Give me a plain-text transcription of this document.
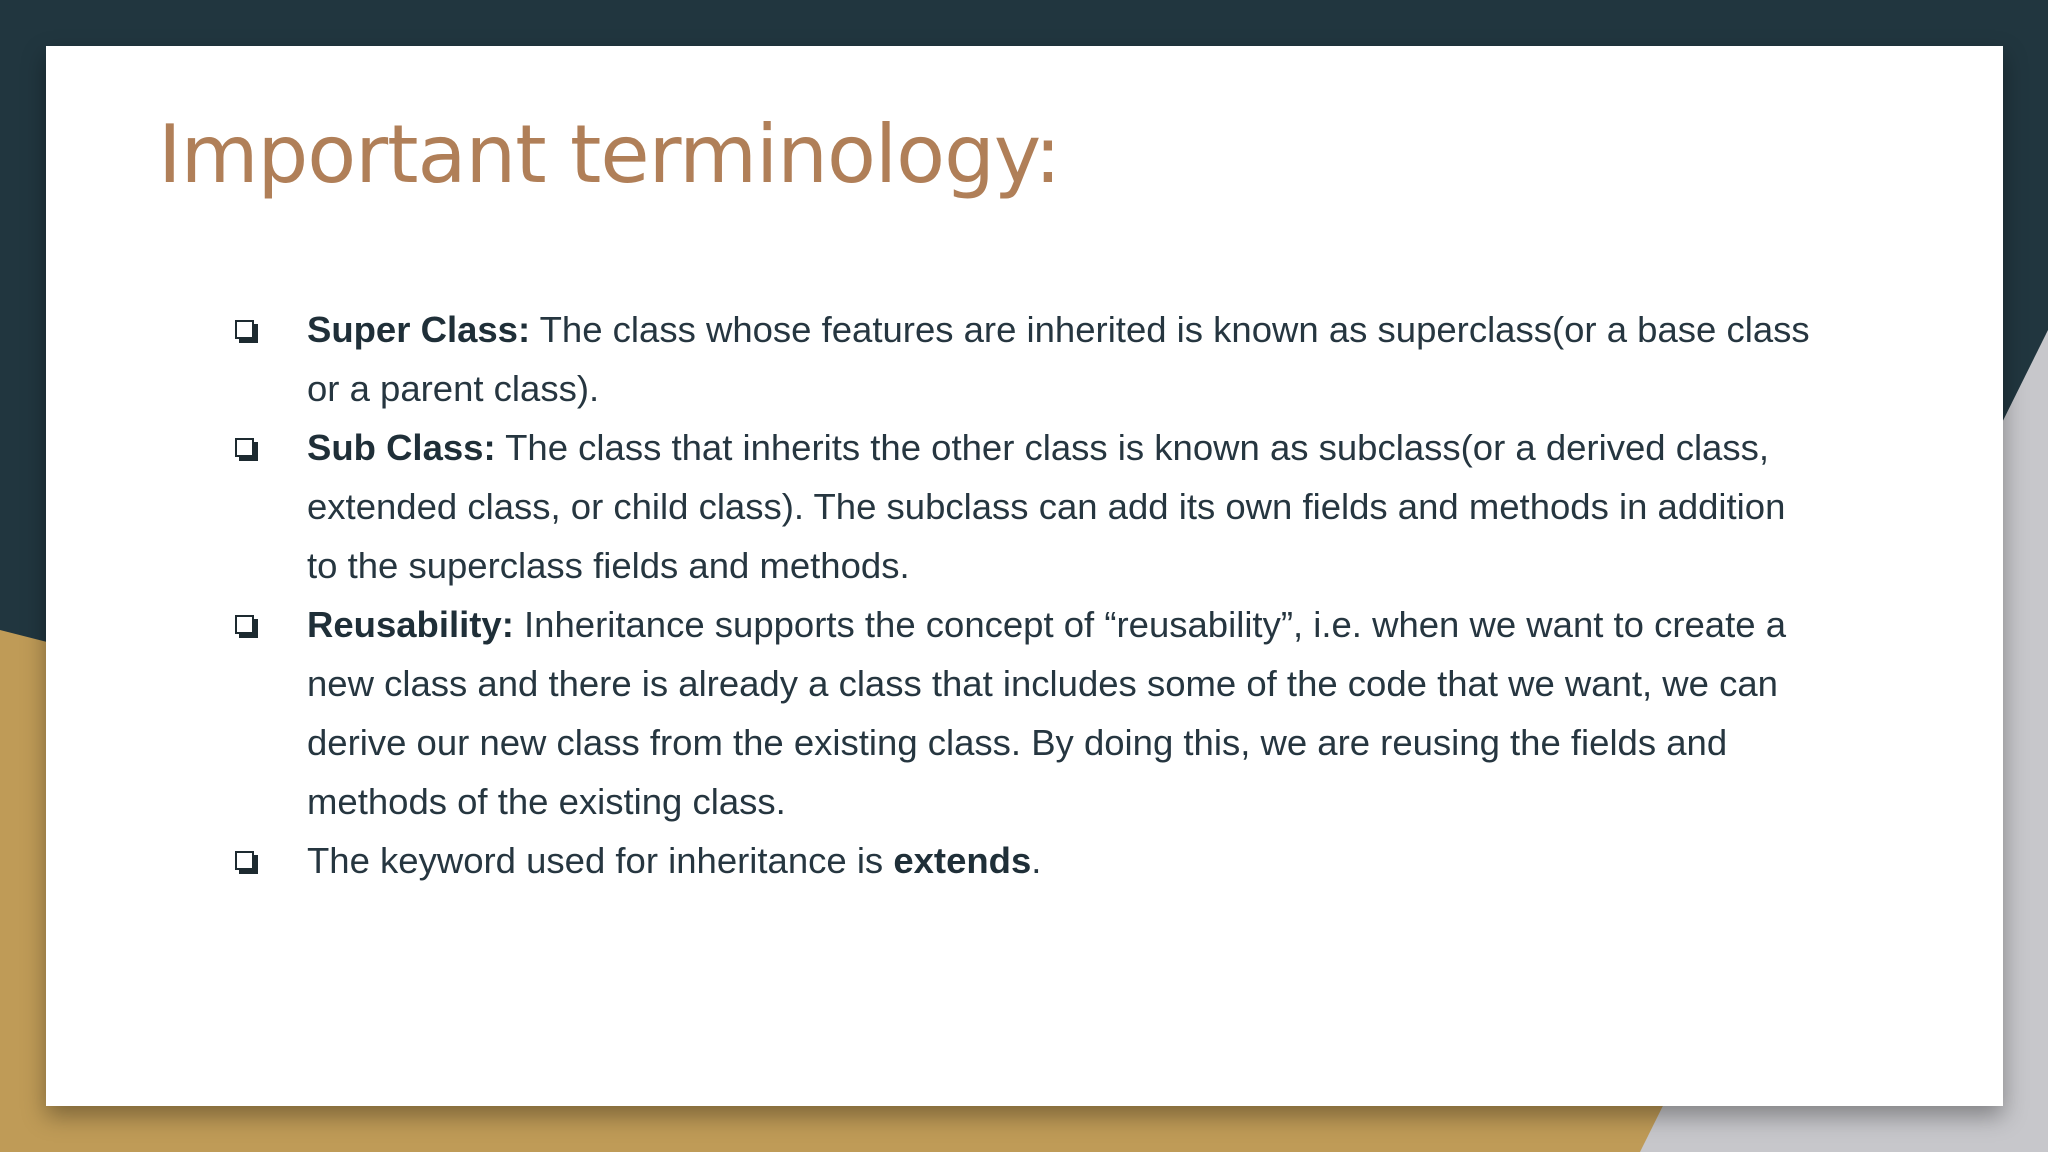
Important terminology:
Super Class: The class whose features are inherited is known as superclass(or a base class or a parent class).
Sub Class: The class that inherits the other class is known as subclass(or a derived class, extended class, or child class). The subclass can add its own fields and methods in addition to the superclass fields and methods.
Reusability: Inheritance supports the concept of “reusability”, i.e. when we want to create a new class and there is already a class that includes some of the code that we want, we can derive our new class from the existing class. By doing this, we are reusing the fields and methods of the existing class.
The keyword used for inheritance is extends.
